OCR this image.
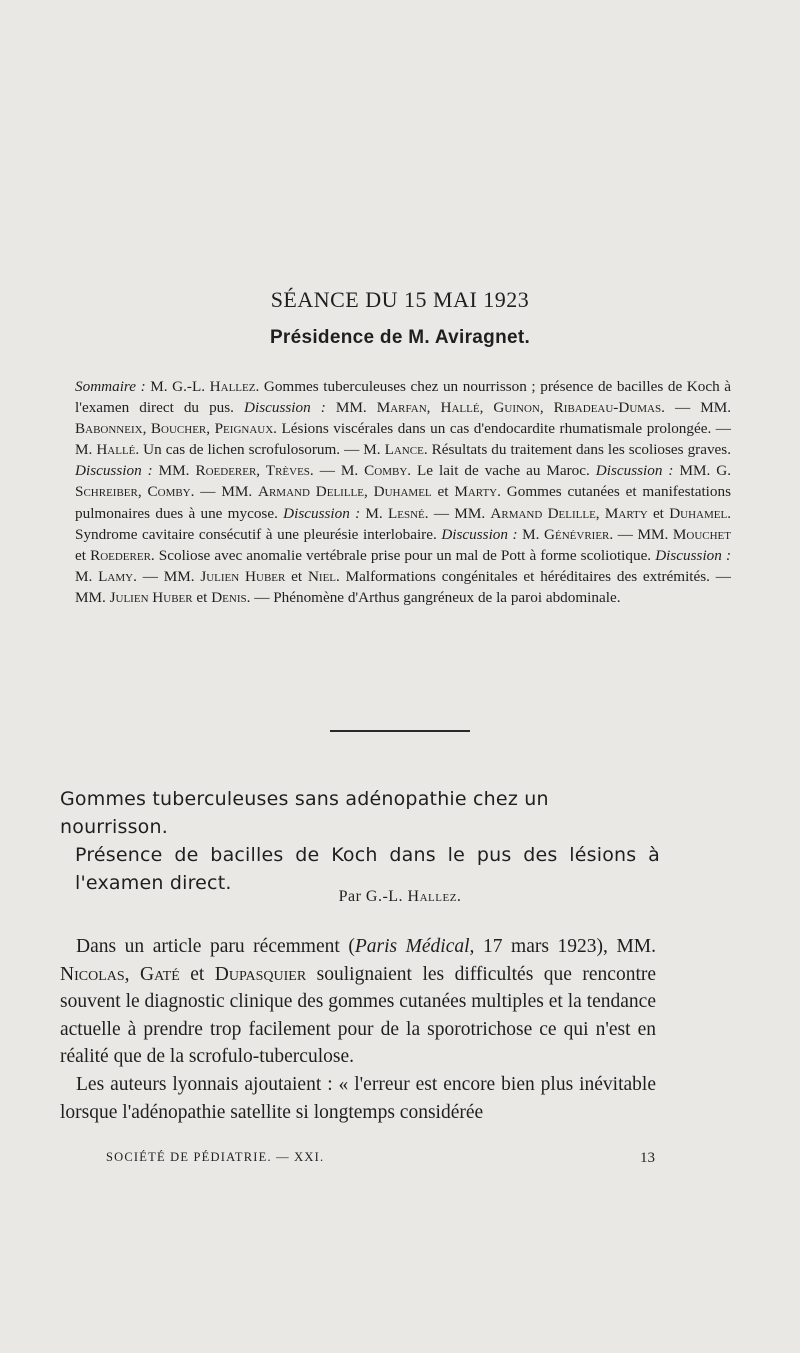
SÉANCE DU 15 MAI 1923
Présidence de M. Aviragnet.
Sommaire : M. G.-L. Hallez. Gommes tuberculeuses chez un nourrisson ; présence de bacilles de Koch à l'examen direct du pus. Discussion : MM. Marfan, Hallé, Guinon, Ribadeau-Dumas. — MM. Babonneix, Boucher, Peignaux. Lésions viscérales dans un cas d'endocardite rhumatismale prolongée. — M. Hallé. Un cas de lichen scrofulosorum. — M. Lance. Résultats du traitement dans les scolioses graves. Discussion : MM. Roederer, Trèves. — M. Comby. Le lait de vache au Maroc. Discussion : MM. G. Schreiber, Comby. — MM. Armand Delille, Duhamel et Marty. Gommes cutanées et manifestations pulmonaires dues à une mycose. Discussion : M. Lesné. — MM. Armand Delille, Marty et Duhamel. Syndrome cavitaire consécutif à une pleurésie interlobaire. Discussion : M. Génévrier. — MM. Mouchet et Roederer. Scoliose avec anomalie vertébrale prise pour un mal de Pott à forme scoliotique. Discussion : M. Lamy. — MM. Julien Huber et Niel. Malformations congénitales et héréditaires des extrémités. — MM. Julien Huber et Denis. — Phénomène d'Arthus gangréneux de la paroi abdominale.
Gommes tuberculeuses sans adénopathie chez un nourrisson.
Présence de bacilles de Koch dans le pus des lésions à
l'examen direct.
Par G.-L. Hallez.

Dans un article paru récemment (Paris Médical, 17 mars 1923), MM. Nicolas, Gaté et Dupasquier soulignaient les difficultés que rencontre souvent le diagnostic clinique des gommes cutanées multiples et la tendance actuelle à prendre trop facilement pour de la sporotrichose ce qui n'est en réalité que de la scrofulo-tuberculose.

Les auteurs lyonnais ajoutaient : « l'erreur est encore bien plus inévitable lorsque l'adénopathie satellite si longtemps considérée

SOCIÉTÉ DE PÉDIATRIE. — XXI.	13
